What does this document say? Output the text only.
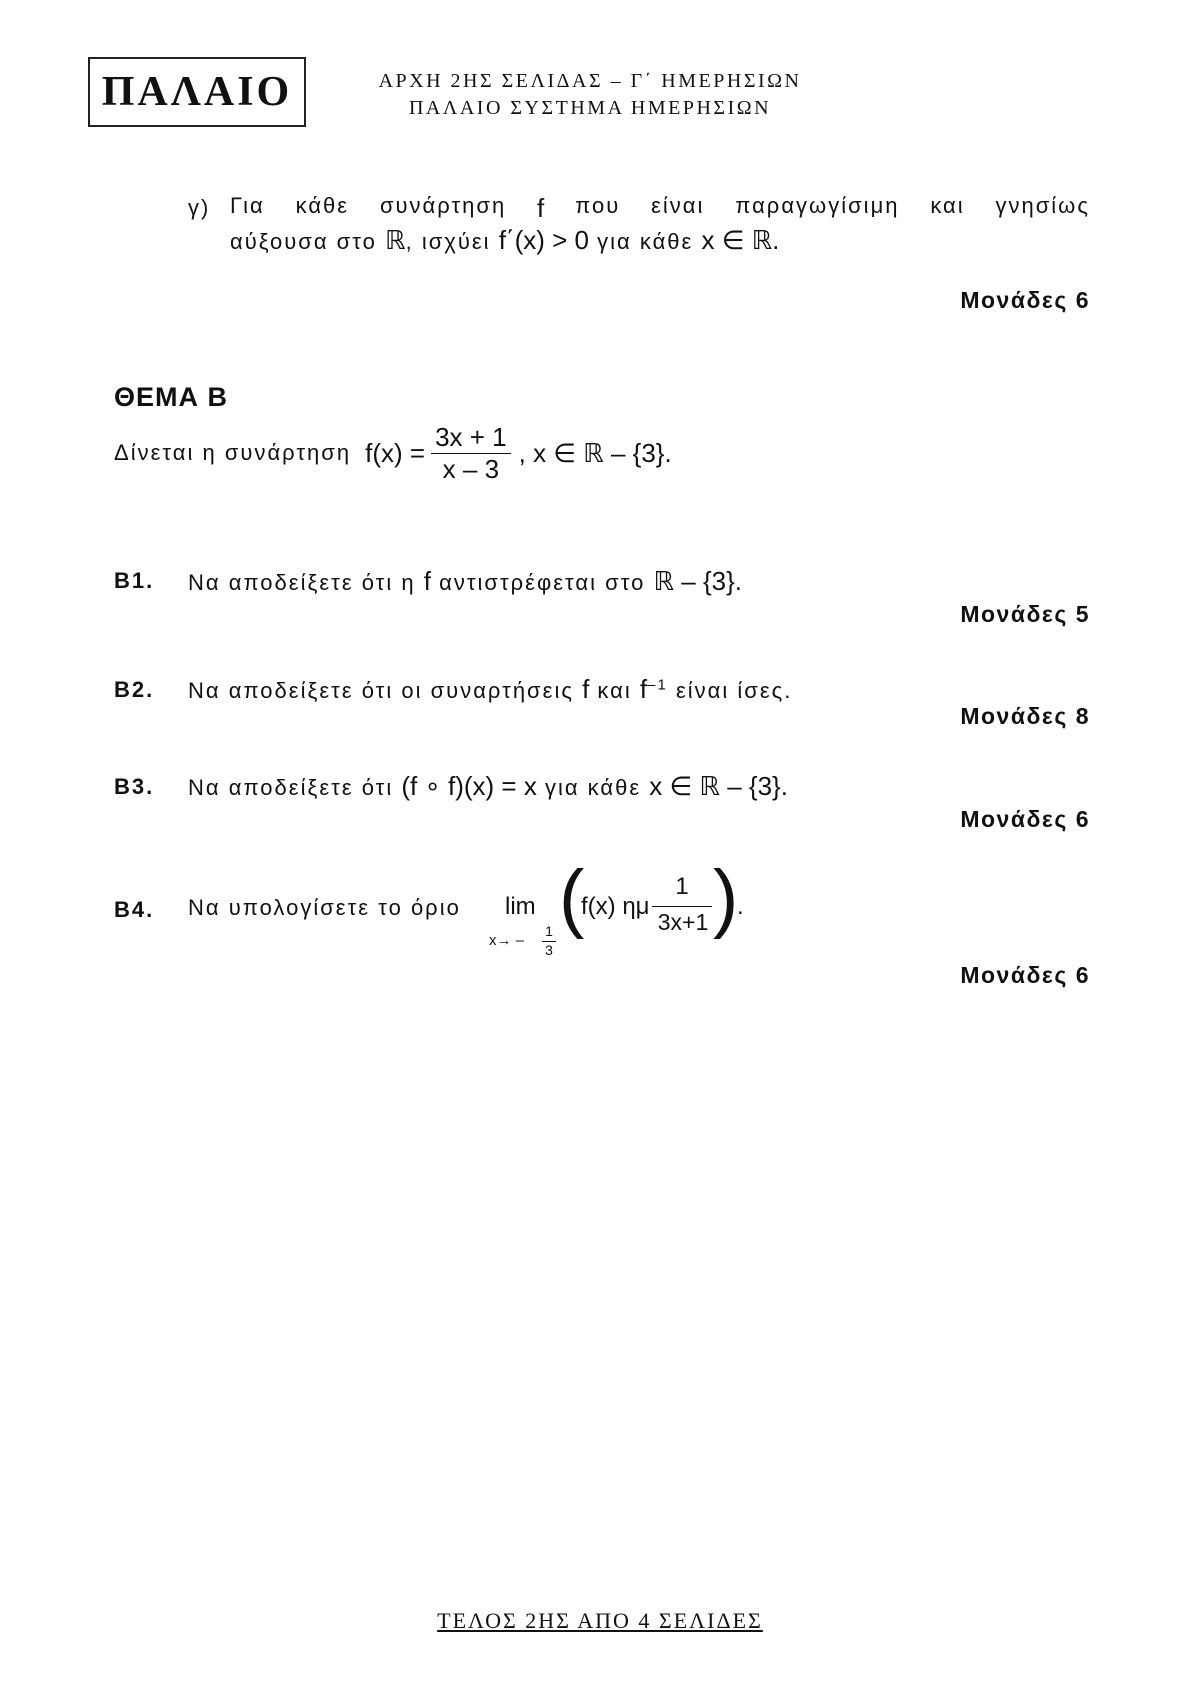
ΠΑΛΑΙΟ	ΑΡΧΗ 2ΗΣ ΣΕΛΙΔΑΣ – Γ΄ ΗΜΕΡΗΣΙΩΝ
ΠΑΛΑΙΟ ΣΥΣΤΗΜΑ ΗΜΕΡΗΣΙΩΝ
γ) Για κάθε συνάρτηση f που είναι παραγωγίσιμη και γνησίως
αύξουσα στο ℝ, ισχύει f΄(x) > 0 για κάθε x ∈ ℝ.
Μονάδες 6
ΘΕΜΑ Β
Δίνεται η συνάρτηση $f(x) = \frac{3x + 1}{x - 3}$ , x ∈ ℝ – {3}.
B1. Να αποδείξετε ότι η f αντιστρέφεται στο ℝ – {3}.
Μονάδες 5
B2. Να αποδείξετε ότι οι συναρτήσεις f και $f^{-1}$ είναι ίσες.
Μονάδες 8
B3. Να αποδείξετε ότι (f ∘ f)(x) = x για κάθε x ∈ ℝ – {3}.
Μονάδες 6
B4. Να υπολογίσετε το όριο lim
x→ –
1
3
(
f(x) ημ
1
3x+1 )
.
Μονάδες 6
ΤΕΛΟΣ 2ΗΣ ΑΠΟ 4 ΣΕΛΙΔΕΣ
